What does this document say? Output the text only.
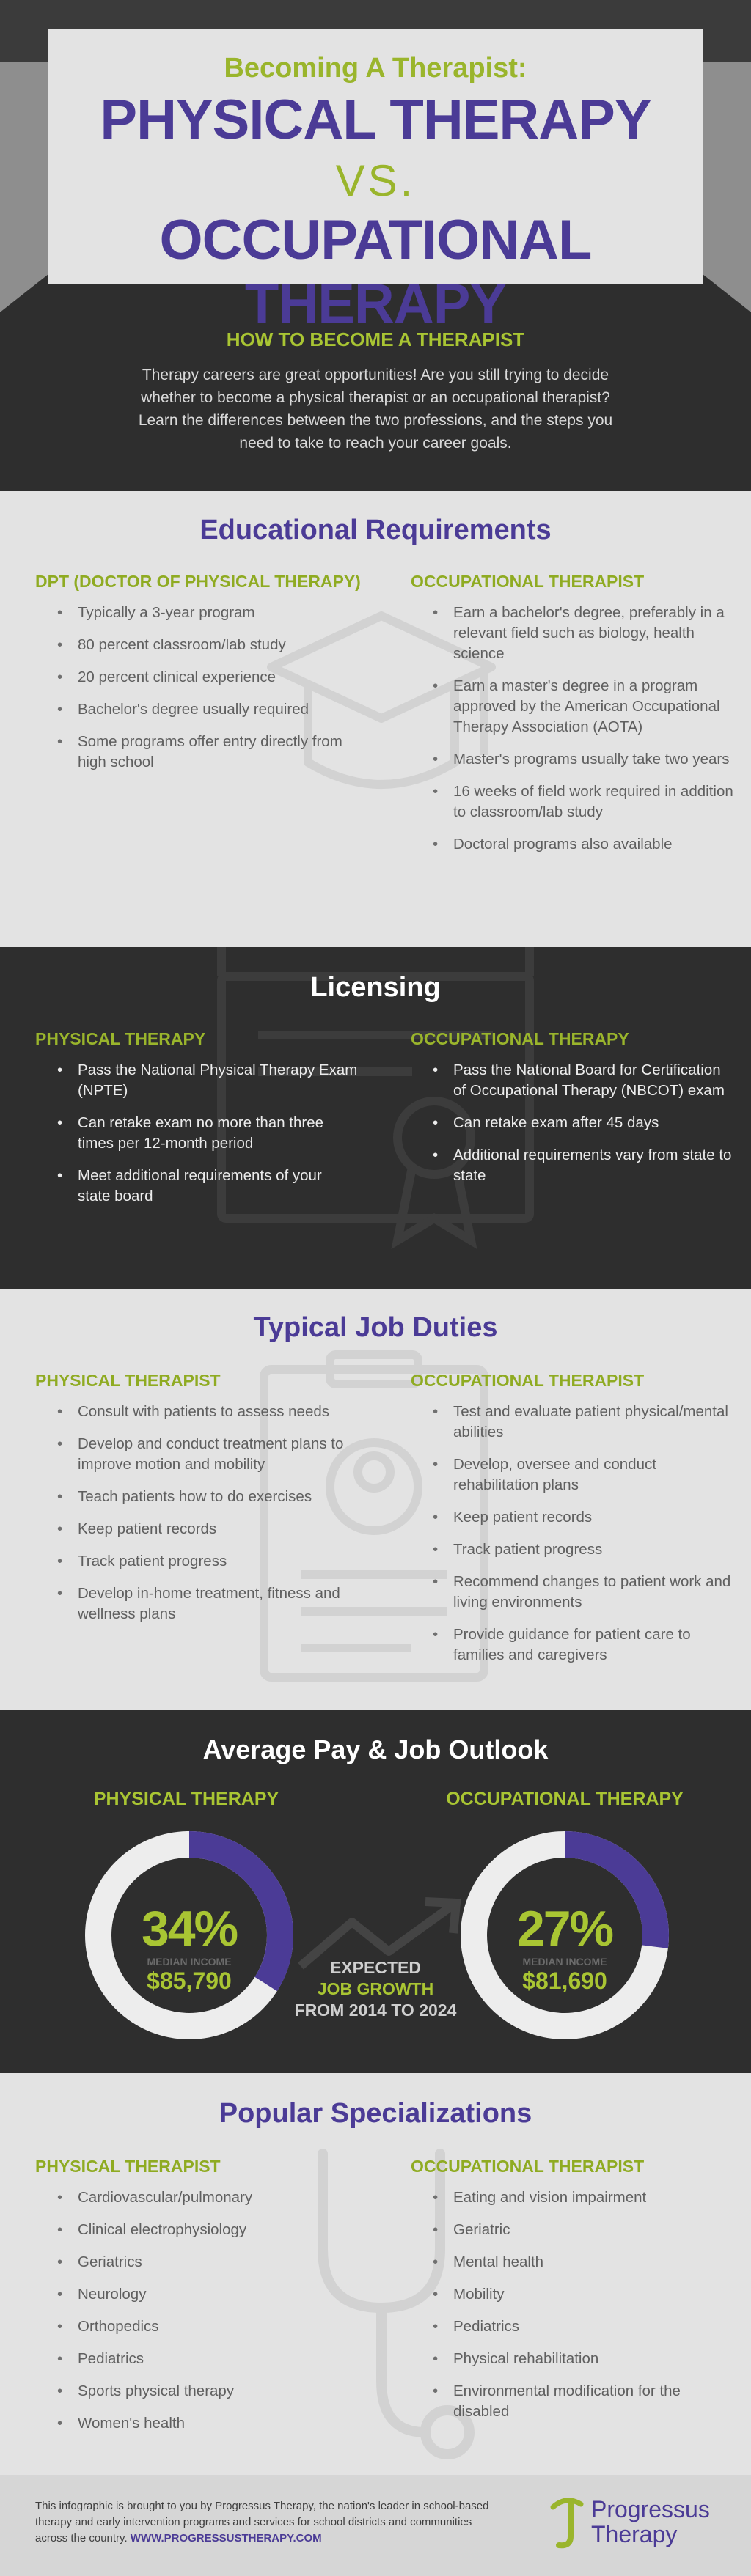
Becoming A Therapist:
PHYSICAL THERAPY
VS.
OCCUPATIONAL THERAPY
HOW TO BECOME A THERAPIST
Therapy careers are great opportunities! Are you still trying to decide whether to become a physical therapist or an occupational therapist? Learn the differences between the two professions, and the steps you need to take to reach your career goals.
Educational Requirements
DPT (DOCTOR OF PHYSICAL THERAPY)
• Typically a 3-year program
• 80 percent classroom/lab study
• 20 percent clinical experience
• Bachelor's degree usually required
• Some programs offer entry directly from high school
OCCUPATIONAL THERAPIST
• Earn a bachelor's degree, preferably in a relevant field such as biology, health science
• Earn a master's degree in a program approved by the American Occupational Therapy Association (AOTA)
• Master's programs usually take two years
• 16 weeks of field work required in addition to classroom/lab study
• Doctoral programs also available
Licensing
PHYSICAL THERAPY
• Pass the National Physical Therapy Exam (NPTE)
• Can retake exam no more than three times per 12-month period
• Meet additional requirements of your state board
OCCUPATIONAL THERAPY
• Pass the National Board for Certification of Occupational Therapy (NBCOT) exam
• Can retake exam after 45 days
• Additional requirements vary from state to state
Typical Job Duties
PHYSICAL THERAPIST
• Consult with patients to assess needs
• Develop and conduct treatment plans to improve motion and mobility
• Teach patients how to do exercises
• Keep patient records
• Track patient progress
• Develop in-home treatment, fitness and wellness plans
OCCUPATIONAL THERAPIST
• Test and evaluate patient physical/mental abilities
• Develop, oversee and conduct rehabilitation plans
• Keep patient records
• Track patient progress
• Recommend changes to patient work and living environments
• Provide guidance for patient care to families and caregivers
Average Pay & Job Outlook
PHYSICAL THERAPY	OCCUPATIONAL THERAPY
34%
MEDIAN INCOME
$85,790
27%
MEDIAN INCOME
$81,690
EXPECTED
JOB GROWTH
FROM 2014 TO 2024
Popular Specializations
PHYSICAL THERAPIST
• Cardiovascular/pulmonary
• Clinical electrophysiology
• Geriatrics
• Neurology
• Orthopedics
• Pediatrics
• Sports physical therapy
• Women's health
OCCUPATIONAL THERAPIST
• Eating and vision impairment
• Geriatric
• Mental health
• Mobility
• Pediatrics
• Physical rehabilitation
• Environmental modification for the disabled
This infographic is brought to you by Progressus Therapy, the nation's leader in school-based therapy and early intervention programs and services for school districts and communities across the country. WWW.PROGRESSUSTHERAPY.COM
Progressus
Therapy
